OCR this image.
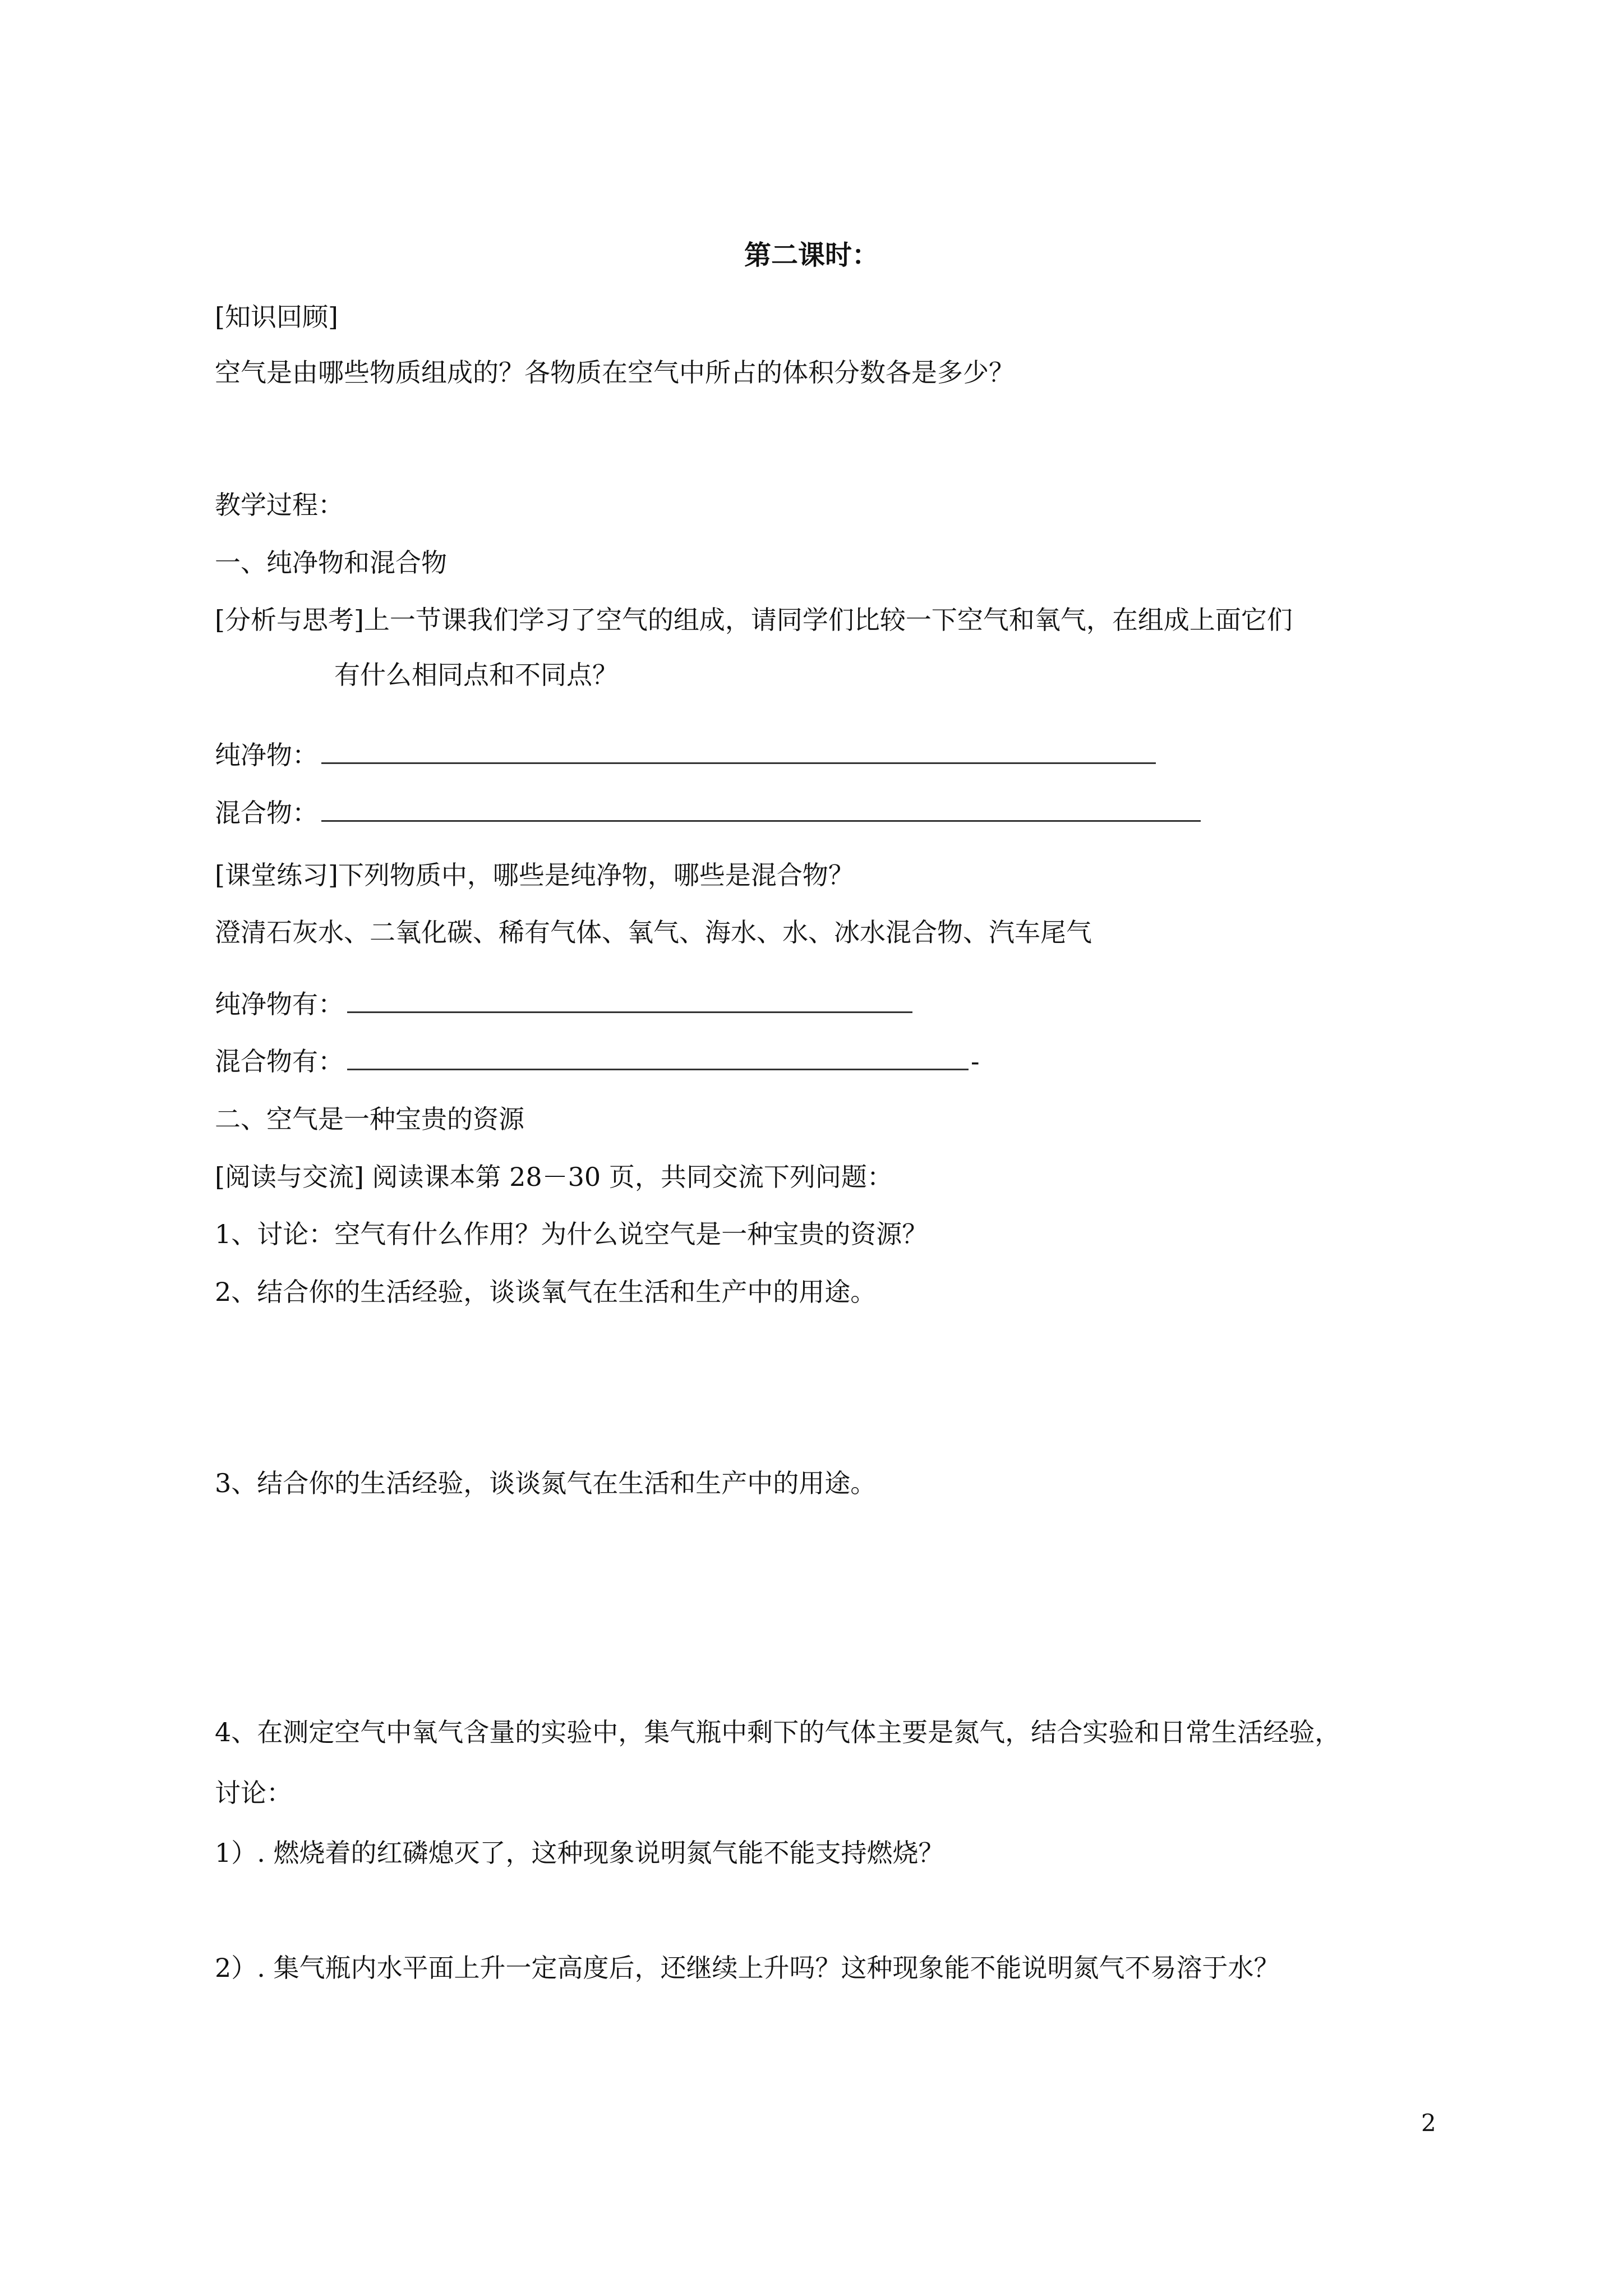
第二课时：
[知识回顾]
空气是由哪些物质组成的？各物质在空气中所占的体积分数各是多少？
教学过程：
一、纯净物和混合物
[分析与思考]上一节课我们学习了空气的组成，请同学们比较一下空气和氧气，在组成上面它们
有什么相同点和不同点？
纯净物：
混合物：
[课堂练习]下列物质中，哪些是纯净物，哪些是混合物？
澄清石灰水、二氧化碳、稀有气体、氧气、海水、水、冰水混合物、汽车尾气
纯净物有：
混合物有：	-
二、空气是一种宝贵的资源
[阅读与交流] 阅读课本第 28－30 页，共同交流下列问题：
1、讨论：空气有什么作用？为什么说空气是一种宝贵的资源？
2、结合你的生活经验，谈谈氧气在生活和生产中的用途。
3、结合你的生活经验，谈谈氮气在生活和生产中的用途。
4、在测定空气中氧气含量的实验中，集气瓶中剩下的气体主要是氮气，结合实验和日常生活经验，
讨论：
1）. 燃烧着的红磷熄灭了，这种现象说明氮气能不能支持燃烧？
2）. 集气瓶内水平面上升一定高度后，还继续上升吗？这种现象能不能说明氮气不易溶于水？
2
